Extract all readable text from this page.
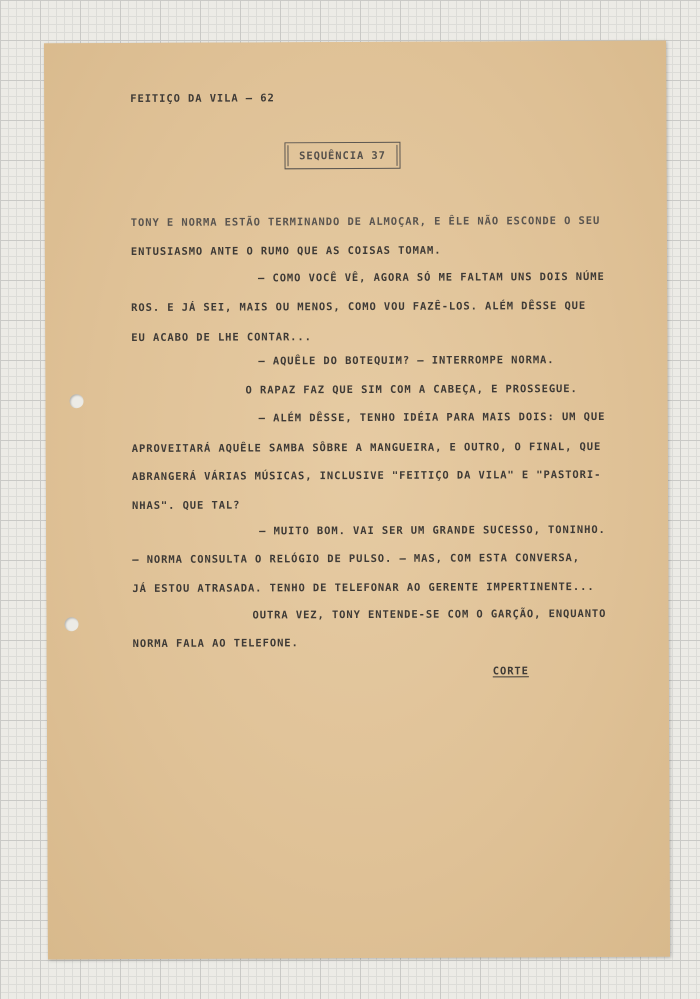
FEITIÇO DA VILA — 62
SEQUÊNCIA 37
TONY E NORMA ESTÃO TERMINANDO DE ALMOÇAR, E ÊLE NÃO ESCONDE O SEU
ENTUSIASMO ANTE O RUMO QUE AS COISAS TOMAM.
— COMO VOCÊ VÊ, AGORA SÓ ME FALTAM UNS DOIS NÚME
ROS. E JÁ SEI, MAIS OU MENOS, COMO VOU FAZÊ-LOS. ALÉM DÊSSE QUE
EU ACABO DE LHE CONTAR...
— AQUÊLE DO BOTEQUIM? — INTERROMPE NORMA.
O RAPAZ FAZ QUE SIM COM A CABEÇA, E PROSSEGUE.
— ALÉM DÊSSE, TENHO IDÉIA PARA MAIS DOIS: UM QUE
APROVEITARÁ AQUÊLE SAMBA SÔBRE A MANGUEIRA, E OUTRO, O FINAL, QUE
ABRANGERÁ VÁRIAS MÚSICAS, INCLUSIVE "FEITIÇO DA VILA" E "PASTORI-
NHAS". QUE TAL?
— MUITO BOM. VAI SER UM GRANDE SUCESSO, TONINHO.
— NORMA CONSULTA O RELÓGIO DE PULSO. — MAS, COM ESTA CONVERSA,
JÁ ESTOU ATRASADA. TENHO DE TELEFONAR AO GERENTE IMPERTINENTE...
OUTRA VEZ, TONY ENTENDE-SE COM O GARÇÃO, ENQUANTO
NORMA FALA AO TELEFONE.
CORTE
